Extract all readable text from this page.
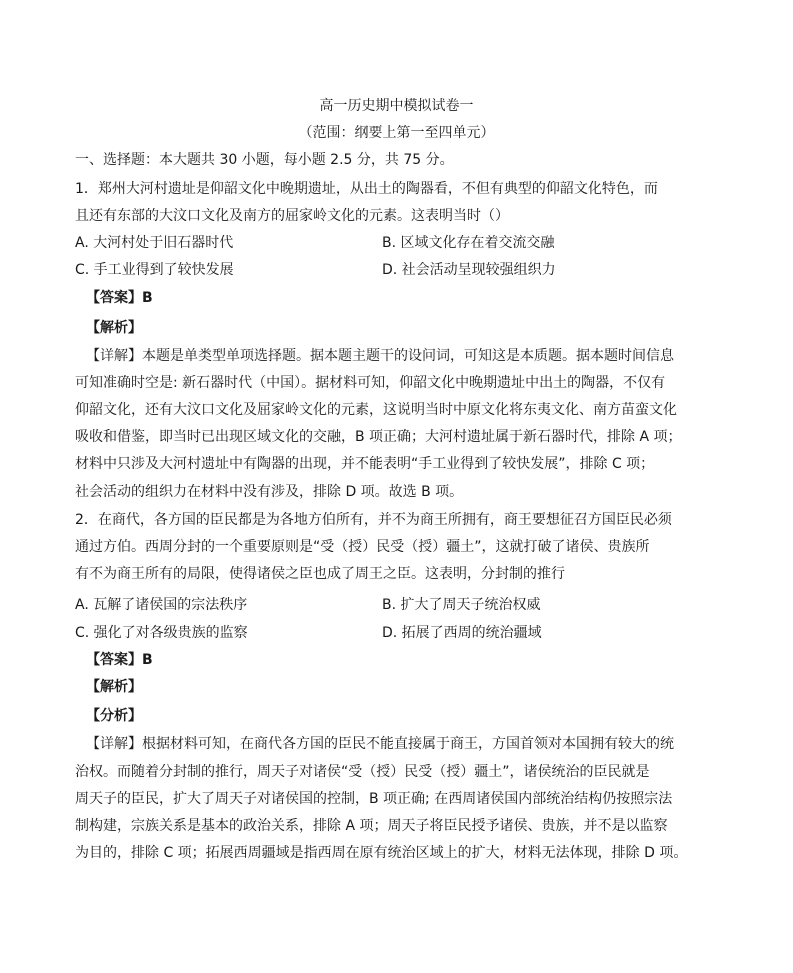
高一历史期中模拟试卷一
（范围：纲要上第一至四单元）
一、选择题：本大题共 30 小题，每小题 2.5 分，共 75 分。
1．郑州大河村遗址是仰韶文化中晚期遗址，从出土的陶器看，不但有典型的仰韶文化特色，而
且还有东部的大汶口文化及南方的屈家岭文化的元素。这表明当时（）
A. 大河村处于旧石器时代	B. 区域文化存在着交流交融
C. 手工业得到了较快发展	D. 社会活动呈现较强组织力
【答案】B
【解析】
【详解】本题是单类型单项选择题。据本题主题干的设问词，可知这是本质题。据本题时间信息
可知准确时空是: 新石器时代（中国）。据材料可知，仰韶文化中晚期遗址中出土的陶器，不仅有
仰韶文化，还有大汶口文化及屈家岭文化的元素，这说明当时中原文化将东夷文化、南方苗蛮文化
吸收和借鉴，即当时已出现区域文化的交融，B 项正确；大河村遗址属于新石器时代，排除 A 项；
材料中只涉及大河村遗址中有陶器的出现，并不能表明“手工业得到了较快发展”，排除 C 项；
社会活动的组织力在材料中没有涉及，排除 D 项。故选 B 项。
2．在商代，各方国的臣民都是为各地方伯所有，并不为商王所拥有，商王要想征召方国臣民必须
通过方伯。西周分封的一个重要原则是“受（授）民受（授）疆土”，这就打破了诸侯、贵族所
有不为商王所有的局限，使得诸侯之臣也成了周王之臣。这表明，分封制的推行
A. 瓦解了诸侯国的宗法秩序	B. 扩大了周天子统治权威
C. 强化了对各级贵族的监察	D. 拓展了西周的统治疆域
【答案】B
【解析】
【分析】
【详解】根据材料可知，在商代各方国的臣民不能直接属于商王，方国首领对本国拥有较大的统
治权。而随着分封制的推行，周天子对诸侯“受（授）民受（授）疆土”，诸侯统治的臣民就是
周天子的臣民，扩大了周天子对诸侯国的控制，B 项正确; 在西周诸侯国内部统治结构仍按照宗法
制构建，宗族关系是基本的政治关系，排除 A 项；周天子将臣民授予诸侯、贵族，并不是以监察
为目的，排除 C 项；拓展西周疆域是指西周在原有统治区域上的扩大，材料无法体现，排除 D 项。
